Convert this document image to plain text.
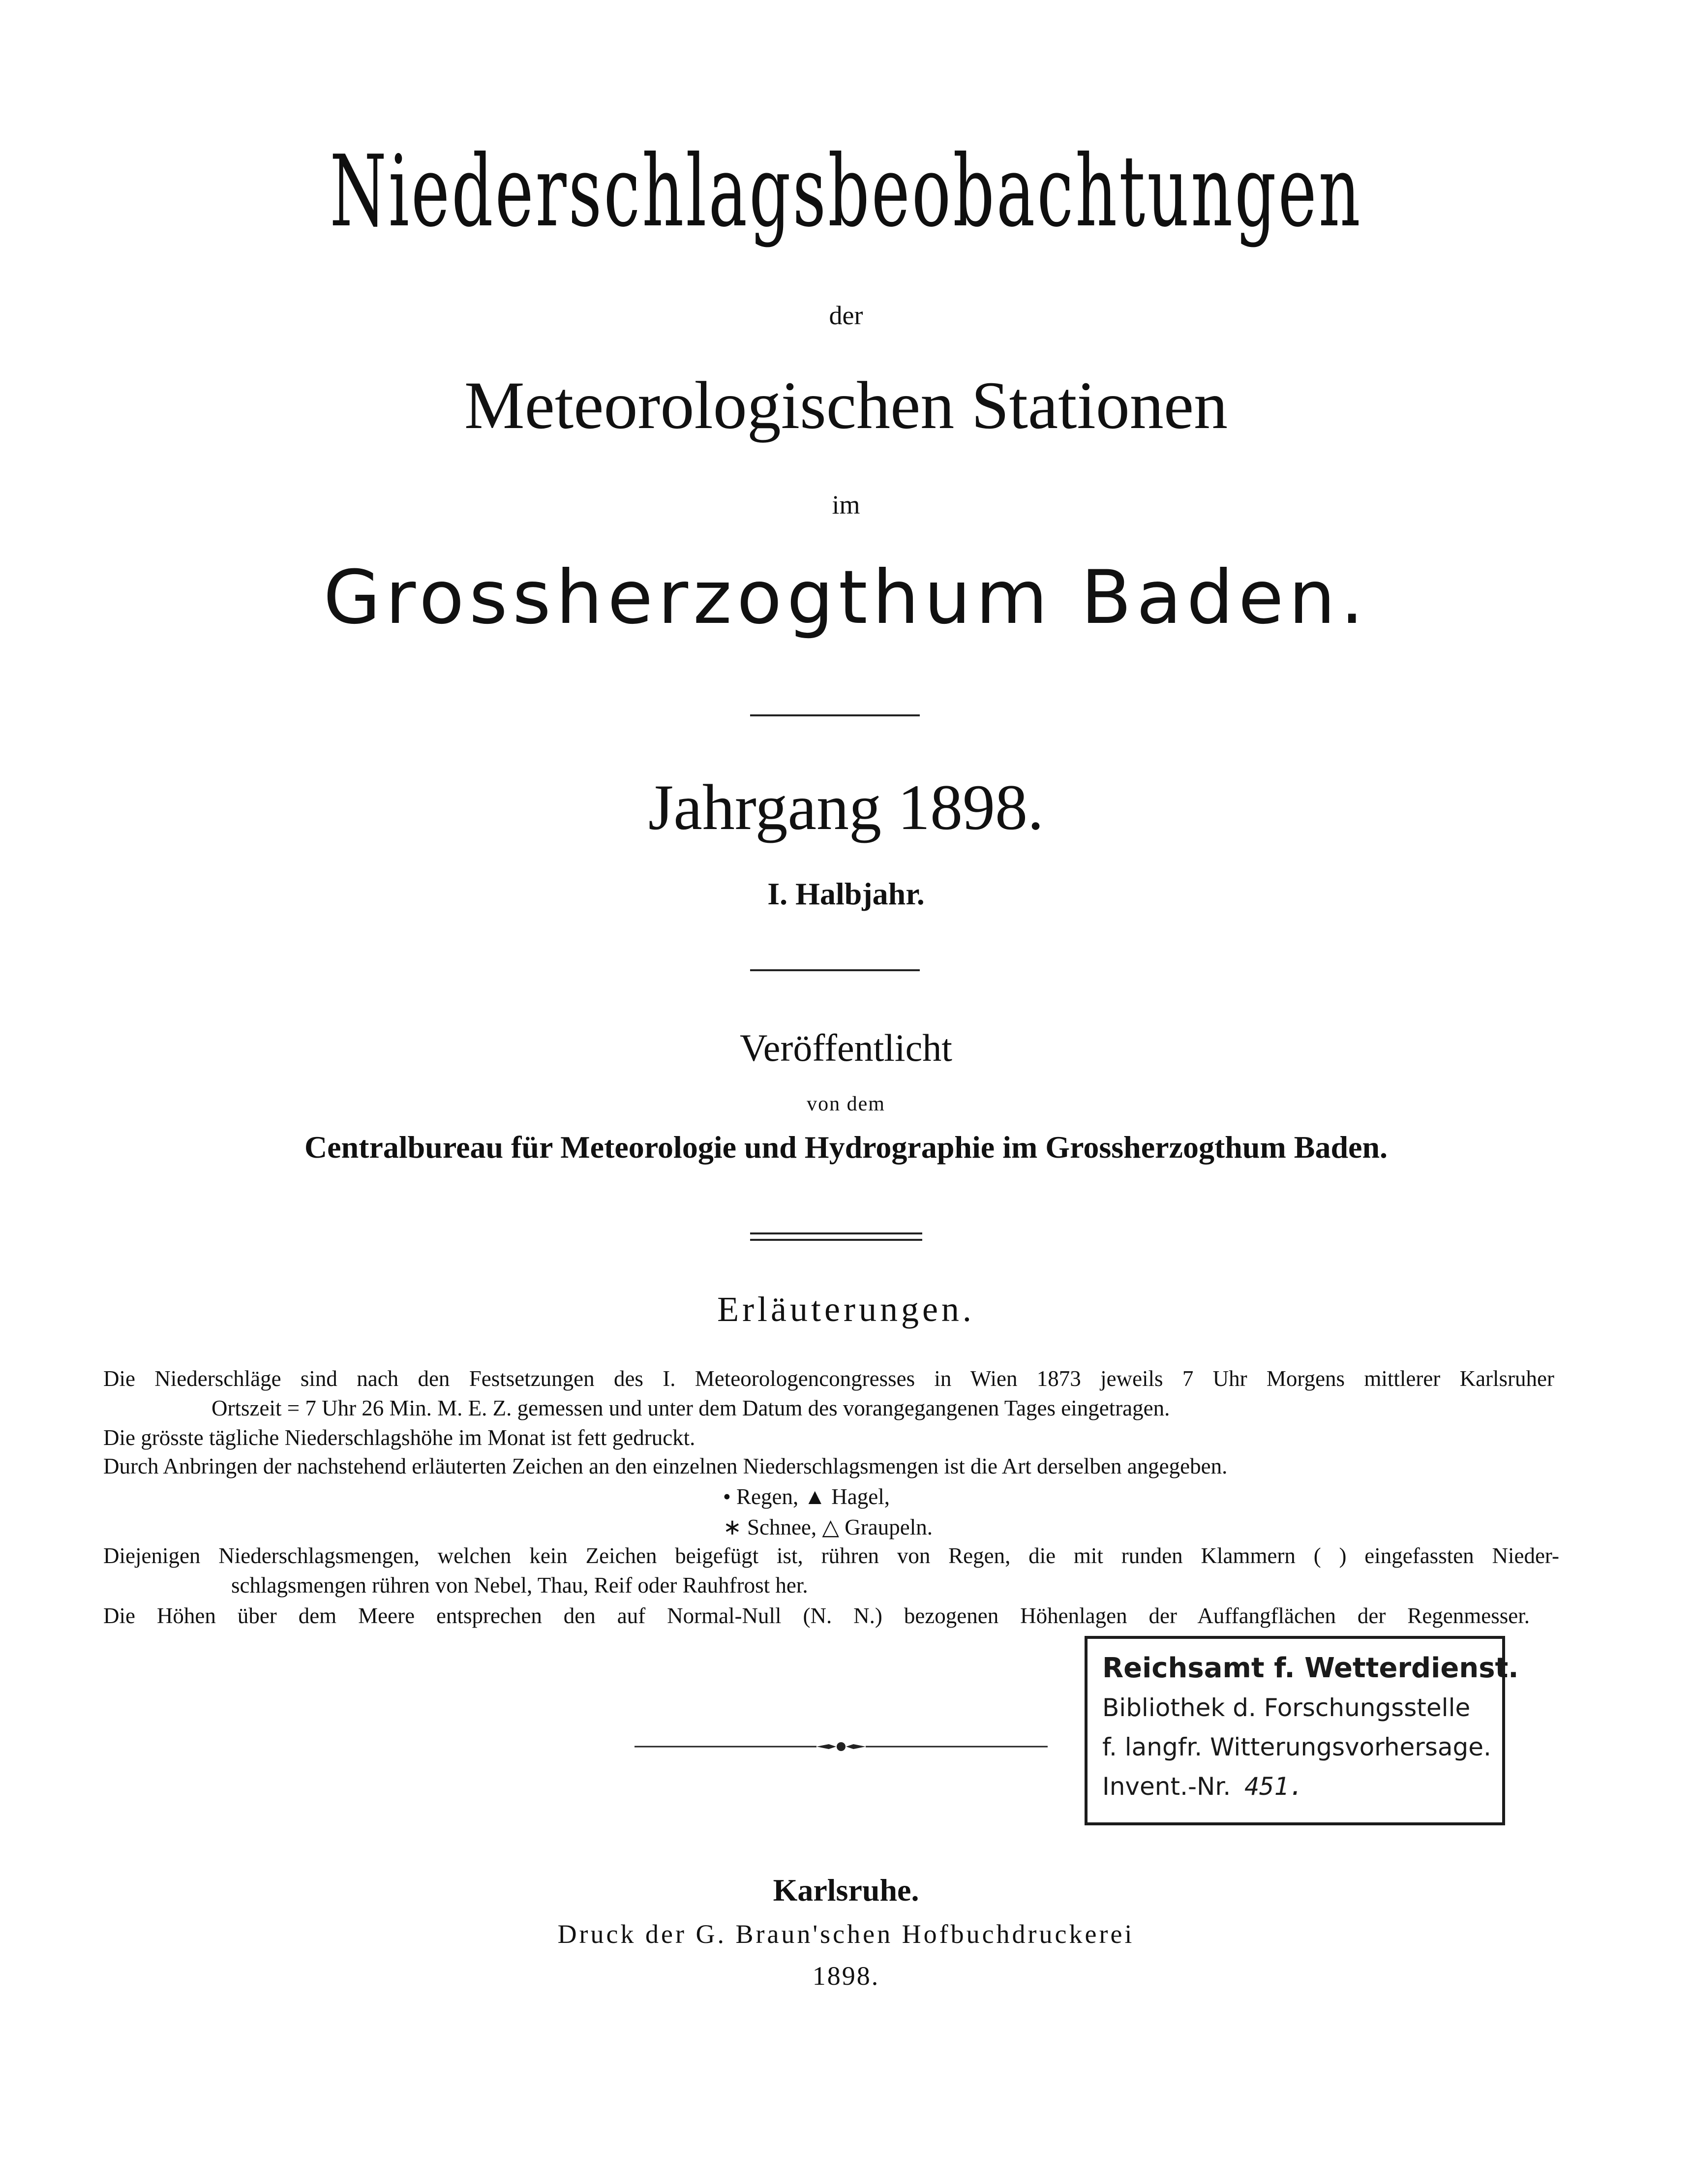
Niederschlagsbeobachtungen
der
Meteorologischen Stationen
im
Grossherzogthum Baden.
Jahrgang 1898.
I. Halbjahr.
Veröffentlicht
von dem
Centralbureau für Meteorologie und Hydrographie im Grossherzogthum Baden.
Erläuterungen.
Die Niederschläge sind nach den Festsetzungen des I. Meteorologencongresses in Wien 1873 jeweils 7 Uhr Morgens mittlerer Karlsruher
Ortszeit = 7 Uhr 26 Min. M. E. Z. gemessen und unter dem Datum des vorangegangenen Tages eingetragen.
Die grösste tägliche Niederschlagshöhe im Monat ist fett gedruckt.
Durch Anbringen der nachstehend erläuterten Zeichen an den einzelnen Niederschlagsmengen ist die Art derselben angegeben.
• Regen, ▲ Hagel,
∗ Schnee, △ Graupeln.
Diejenigen Niederschlagsmengen, welchen kein Zeichen beigefügt ist, rühren von Regen, die mit runden Klammern ( ) eingefassten Nieder-
schlagsmengen rühren von Nebel, Thau, Reif oder Rauhfrost her.
Die Höhen über dem Meere entsprechen den auf Normal-Null (N. N.) bezogenen Höhenlagen der Auffangflächen der Regenmesser.
Reichsamt f. Wetterdienst.
Bibliothek d. Forschungsstelle
f. langfr. Witterungsvorhersage.
Invent.-Nr. 451.
Karlsruhe.
Druck der G. Braun'schen Hofbuchdruckerei
1898.
